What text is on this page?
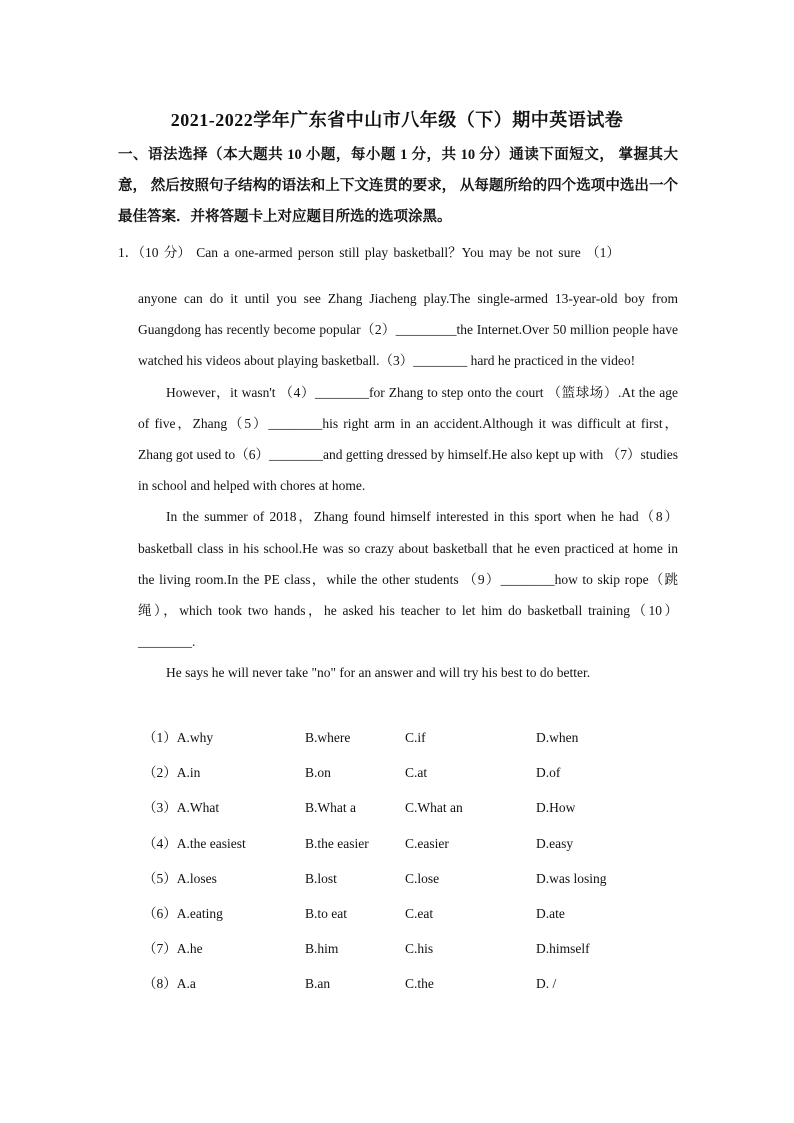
2021-2022学年广东省中山市八年级（下）期中英语试卷
一、语法选择（本大题共 10 小题，每小题 1 分，共 10 分）通读下面短文， 掌握其大意， 然后按照句子结构的语法和上下文连贯的要求， 从每题所给的四个选项中选出一个最佳答案．并将答题卡上对应题目所选的选项涂黑。
1．（10 分） Can a one-armed person still play basketball？You may be not sure （1）

anyone can do it until you see Zhang Jiacheng play.The single-armed 13-year-old boy from Guangdong has recently become popular（2）_________the Internet.Over 50 million people have watched his videos about playing basketball.（3）________ hard he practiced in the video!

However，it wasn't （4）________for Zhang to step onto the court （篮球场）.At the age of five，Zhang（5）________his right arm in an accident.Although it was difficult at first，Zhang got used to（6）________and getting dressed by himself.He also kept up with （7）studies in school and helped with chores at home.

In the summer of 2018，Zhang found himself interested in this sport when he had（8）basketball class in his school.He was so crazy about basketball that he even practiced at home in the living room.In the PE class，while the other students （9）________how to skip rope（跳绳），which took two hands，he asked his teacher to let him do basketball training（10）________.

He says he will never take "no" for an answer and will try his best to do better.

（1）A.why	B.where	C.if	D.when
（2）A.in	B.on	C.at	D.of
（3）A.What	B.What a	C.What an	D.How
（4）A.the easiest	B.the easier	C.easier	D.easy
（5）A.loses	B.lost	C.lose	D.was losing
（6）A.eating	B.to eat	C.eat	D.ate
（7）A.he	B.him	C.his	D.himself
（8）A.a	B.an	C.the	D. /
